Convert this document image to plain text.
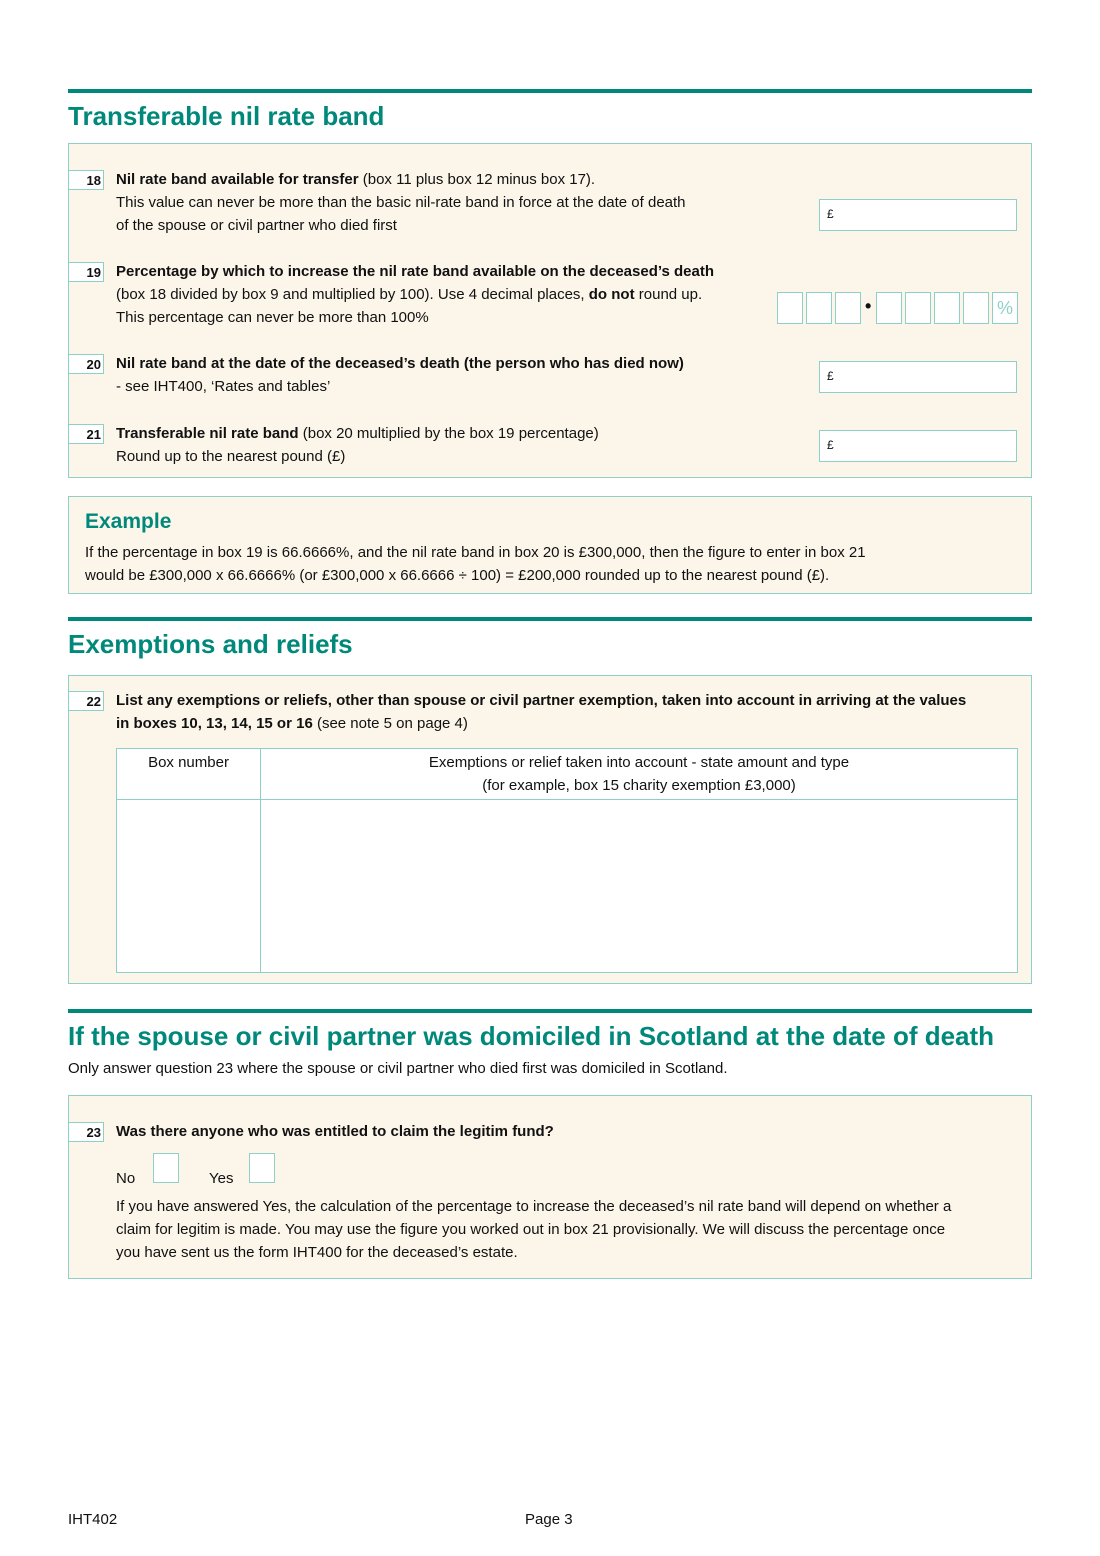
Transferable nil rate band
18 Nil rate band available for transfer (box 11 plus box 12 minus box 17).
This value can never be more than the basic nil-rate band in force at the date of death
of the spouse or civil partner who died first
£
19 Percentage by which to increase the nil rate band available on the deceased’s death
(box 18 divided by box 9 and multiplied by 100). Use 4 decimal places, do not round up.
This percentage can never be more than 100%
•	%
20 Nil rate band at the date of the deceased’s death (the person who has died now)
- see IHT400, ‘Rates and tables’
£
21 Transferable nil rate band (box 20 multiplied by the box 19 percentage)
Round up to the nearest pound (£)
£
Example
If the percentage in box 19 is 66.6666%, and the nil rate band in box 20 is £300,000, then the figure to enter in box 21
would be £300,000 x 66.6666% (or £300,000 x 66.6666 ÷ 100) = £200,000 rounded up to the nearest pound (£).
Exemptions and reliefs
22 List any exemptions or reliefs, other than spouse or civil partner exemption, taken into account in arriving at the values
in boxes 10, 13, 14, 15 or 16 (see note 5 on page 4)
Box number	Exemptions or relief taken into account - state amount and type
(for example, box 15 charity exemption £3,000)

If the spouse or civil partner was domiciled in Scotland at the date of death
Only answer question 23 where the spouse or civil partner who died first was domiciled in Scotland.
23 Was there anyone who was entitled to claim the legitim fund?
No	Yes
If you have answered Yes, the calculation of the percentage to increase the deceased’s nil rate band will depend on whether a
claim for legitim is made. You may use the figure you worked out in box 21 provisionally. We will discuss the percentage once
you have sent us the form IHT400 for the deceased’s estate.
IHT402	Page 3
